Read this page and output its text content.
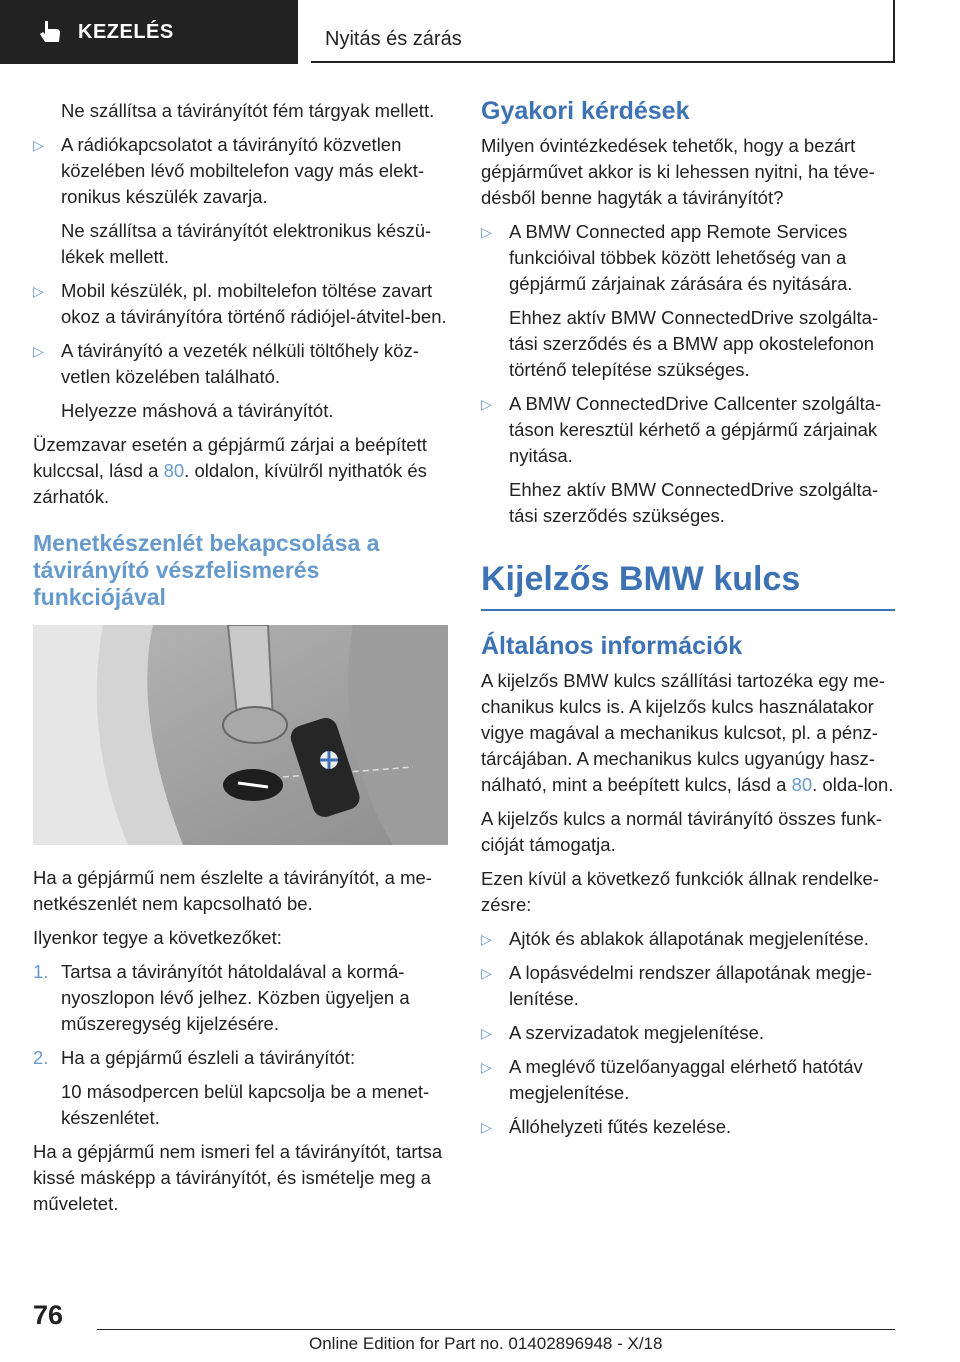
KEZELÉS	Nyitás és zárás

Ne szállítsa a távirányítót fém tárgyak mellett.

▷ A rádiókapcsolatot a távirányító közvetlen közelében lévő mobiltelefon vagy más elekt-ronikus készülék zavarja.

Ne szállítsa a távirányítót elektronikus készü-lékek mellett.

▷ Mobil készülék, pl. mobiltelefon töltése zavart okoz a távirányítóra történő rádiójel-átvitel-ben.
▷ A távirányító a vezeték nélküli töltőhely köz-vetlen közelében található.

Helyezze máshová a távirányítót.

Üzemzavar esetén a gépjármű zárjai a beépített kulccsal, lásd a 80. oldalon, kívülről nyithatók és zárhatók.

Menetkészenlét bekapcsolása a távirányító vészfelismerés funkciójával

Ha a gépjármű nem észlelte a távirányítót, a me-netkészenlét nem kapcsolható be.

Ilyenkor tegye a következőket:

1. Tartsa a távirányítót hátoldalával a kormá-nyoszlopon lévő jelhez. Közben ügyeljen a műszeregység kijelzésére.
2. Ha a gépjármű észleli a távirányítót:

10 másodpercen belül kapcsolja be a menet-készenlétet.

Ha a gépjármű nem ismeri fel a távirányítót, tartsa kissé másképp a távirányítót, és ismételje meg a műveletet.

Gyakori kérdések

Milyen óvintézkedések tehetők, hogy a bezárt gépjárművet akkor is ki lehessen nyitni, ha téve-désből benne hagyták a távirányítót?

▷ A BMW Connected app Remote Services funkcióival többek között lehetőség van a gépjármű zárjainak zárására és nyitására.

Ehhez aktív BMW ConnectedDrive szolgálta-tási szerződés és a BMW app okostelefonon történő telepítése szükséges.

▷ A BMW ConnectedDrive Callcenter szolgálta-táson keresztül kérhető a gépjármű zárjainak nyitása.

Ehhez aktív BMW ConnectedDrive szolgálta-tási szerződés szükséges.

Kijelzős BMW kulcs
Általános információk

A kijelzős BMW kulcs szállítási tartozéka egy me-chanikus kulcs is. A kijelzős kulcs használatakor vigye magával a mechanikus kulcsot, pl. a pénz-tárcájában. A mechanikus kulcs ugyanúgy hasz-nálható, mint a beépített kulcs, lásd a 80. olda-lon.

A kijelzős kulcs a normál távirányító összes funk-cióját támogatja.

Ezen kívül a következő funkciók állnak rendelke-zésre:

▷ Ajtók és ablakok állapotának megjelenítése.
▷ A lopásvédelmi rendszer állapotának megje-lenítése.
▷ A szervizadatok megjelenítése.
▷ A meglévő tüzelőanyaggal elérhető hatótáv megjelenítése.
▷ Állóhelyzeti fűtés kezelése.
76
Online Edition for Part no. 01402896948 - X/18
